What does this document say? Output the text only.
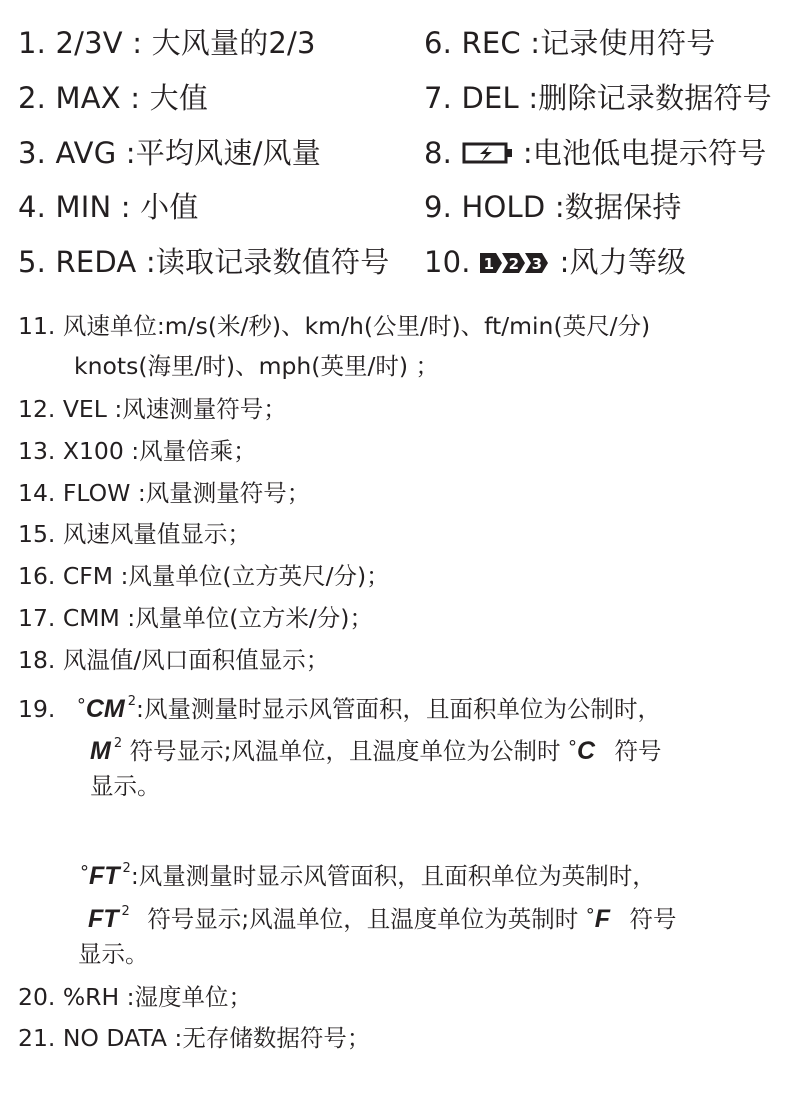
1. 2/3V : 大风量的2/3
2. MAX : 大值
3. AVG :平均风速/风量
4. MIN : 小值
5. REDA :读取记录数值符号
6. REC :记录使用符号
7. DEL :删除记录数据符号
8. :电池低电提示符号
9. HOLD :数据保持
10. 1 2 3 :风力等级
11. 风速单位:m/s(米/秒)、km/h(公里/时)、ft/min(英尺/分)
knots(海里/时)、mph(英里/时) ；
12. VEL :风速测量符号；
13. X100 :风量倍乘；
14. FLOW :风量测量符号；
15. 风速风量值显示；
16. CFM :风量单位(立方英尺/分)；
17. CMM :风量单位(立方米/分)；
18. 风温值/风口面积值显示；
19. °CM $^2$:风量测量时显示风管面积，且面积单位为公制时，
M $^2$ 符号显示;风温单位，且温度单位为公制时 °C 符号
显示。
°FT $^2$:风量测量时显示风管面积，且面积单位为英制时，
FT $^2$ 符号显示;风温单位，且温度单位为英制时 °F 符号
显示。
20. %RH :湿度单位；
21. NO DATA :无存储数据符号；
